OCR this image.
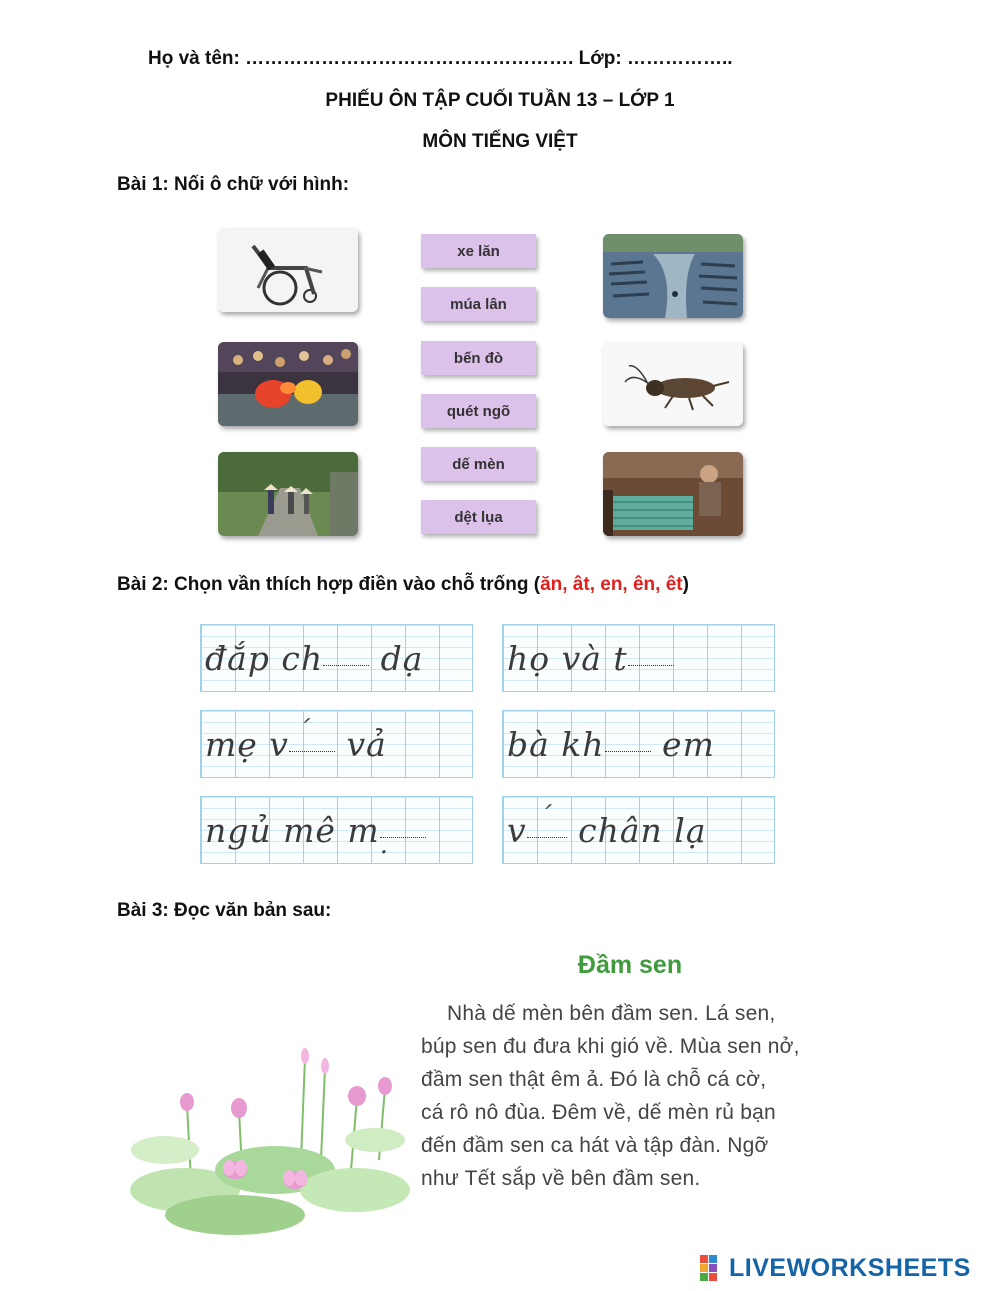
Họ và tên: ……………………………………………. Lớp: ……………..
PHIẾU ÔN TẬP CUỐI TUẦN 13 – LỚP 1
MÔN TIẾNG VIỆT
Bài 1: Nối ô chữ với hình:
xe lăn
múa lân
bến đò
quét ngõ
dế mèn
dệt lụa
Bài 2: Chọn vần thích hợp điền vào chỗ trống (ăn, ât, en, ên, êt)
đắp ch dạ	họ và t
mẹ v ´ vả	bà kh em
ngủ mê m .	v ´ chân lạ
Bài 3: Đọc văn bản sau:
Đầm sen
Nhà dế mèn bên đầm sen. Lá sen,
búp sen đu đưa khi gió về. Mùa sen nở,
đầm sen thật êm ả. Đó là chỗ cá cờ,
cá rô nô đùa. Đêm về, dế mèn rủ bạn
đến đầm sen ca hát và tập đàn. Ngỡ
như Tết sắp về bên đầm sen.
LIVEWORKSHEETS
